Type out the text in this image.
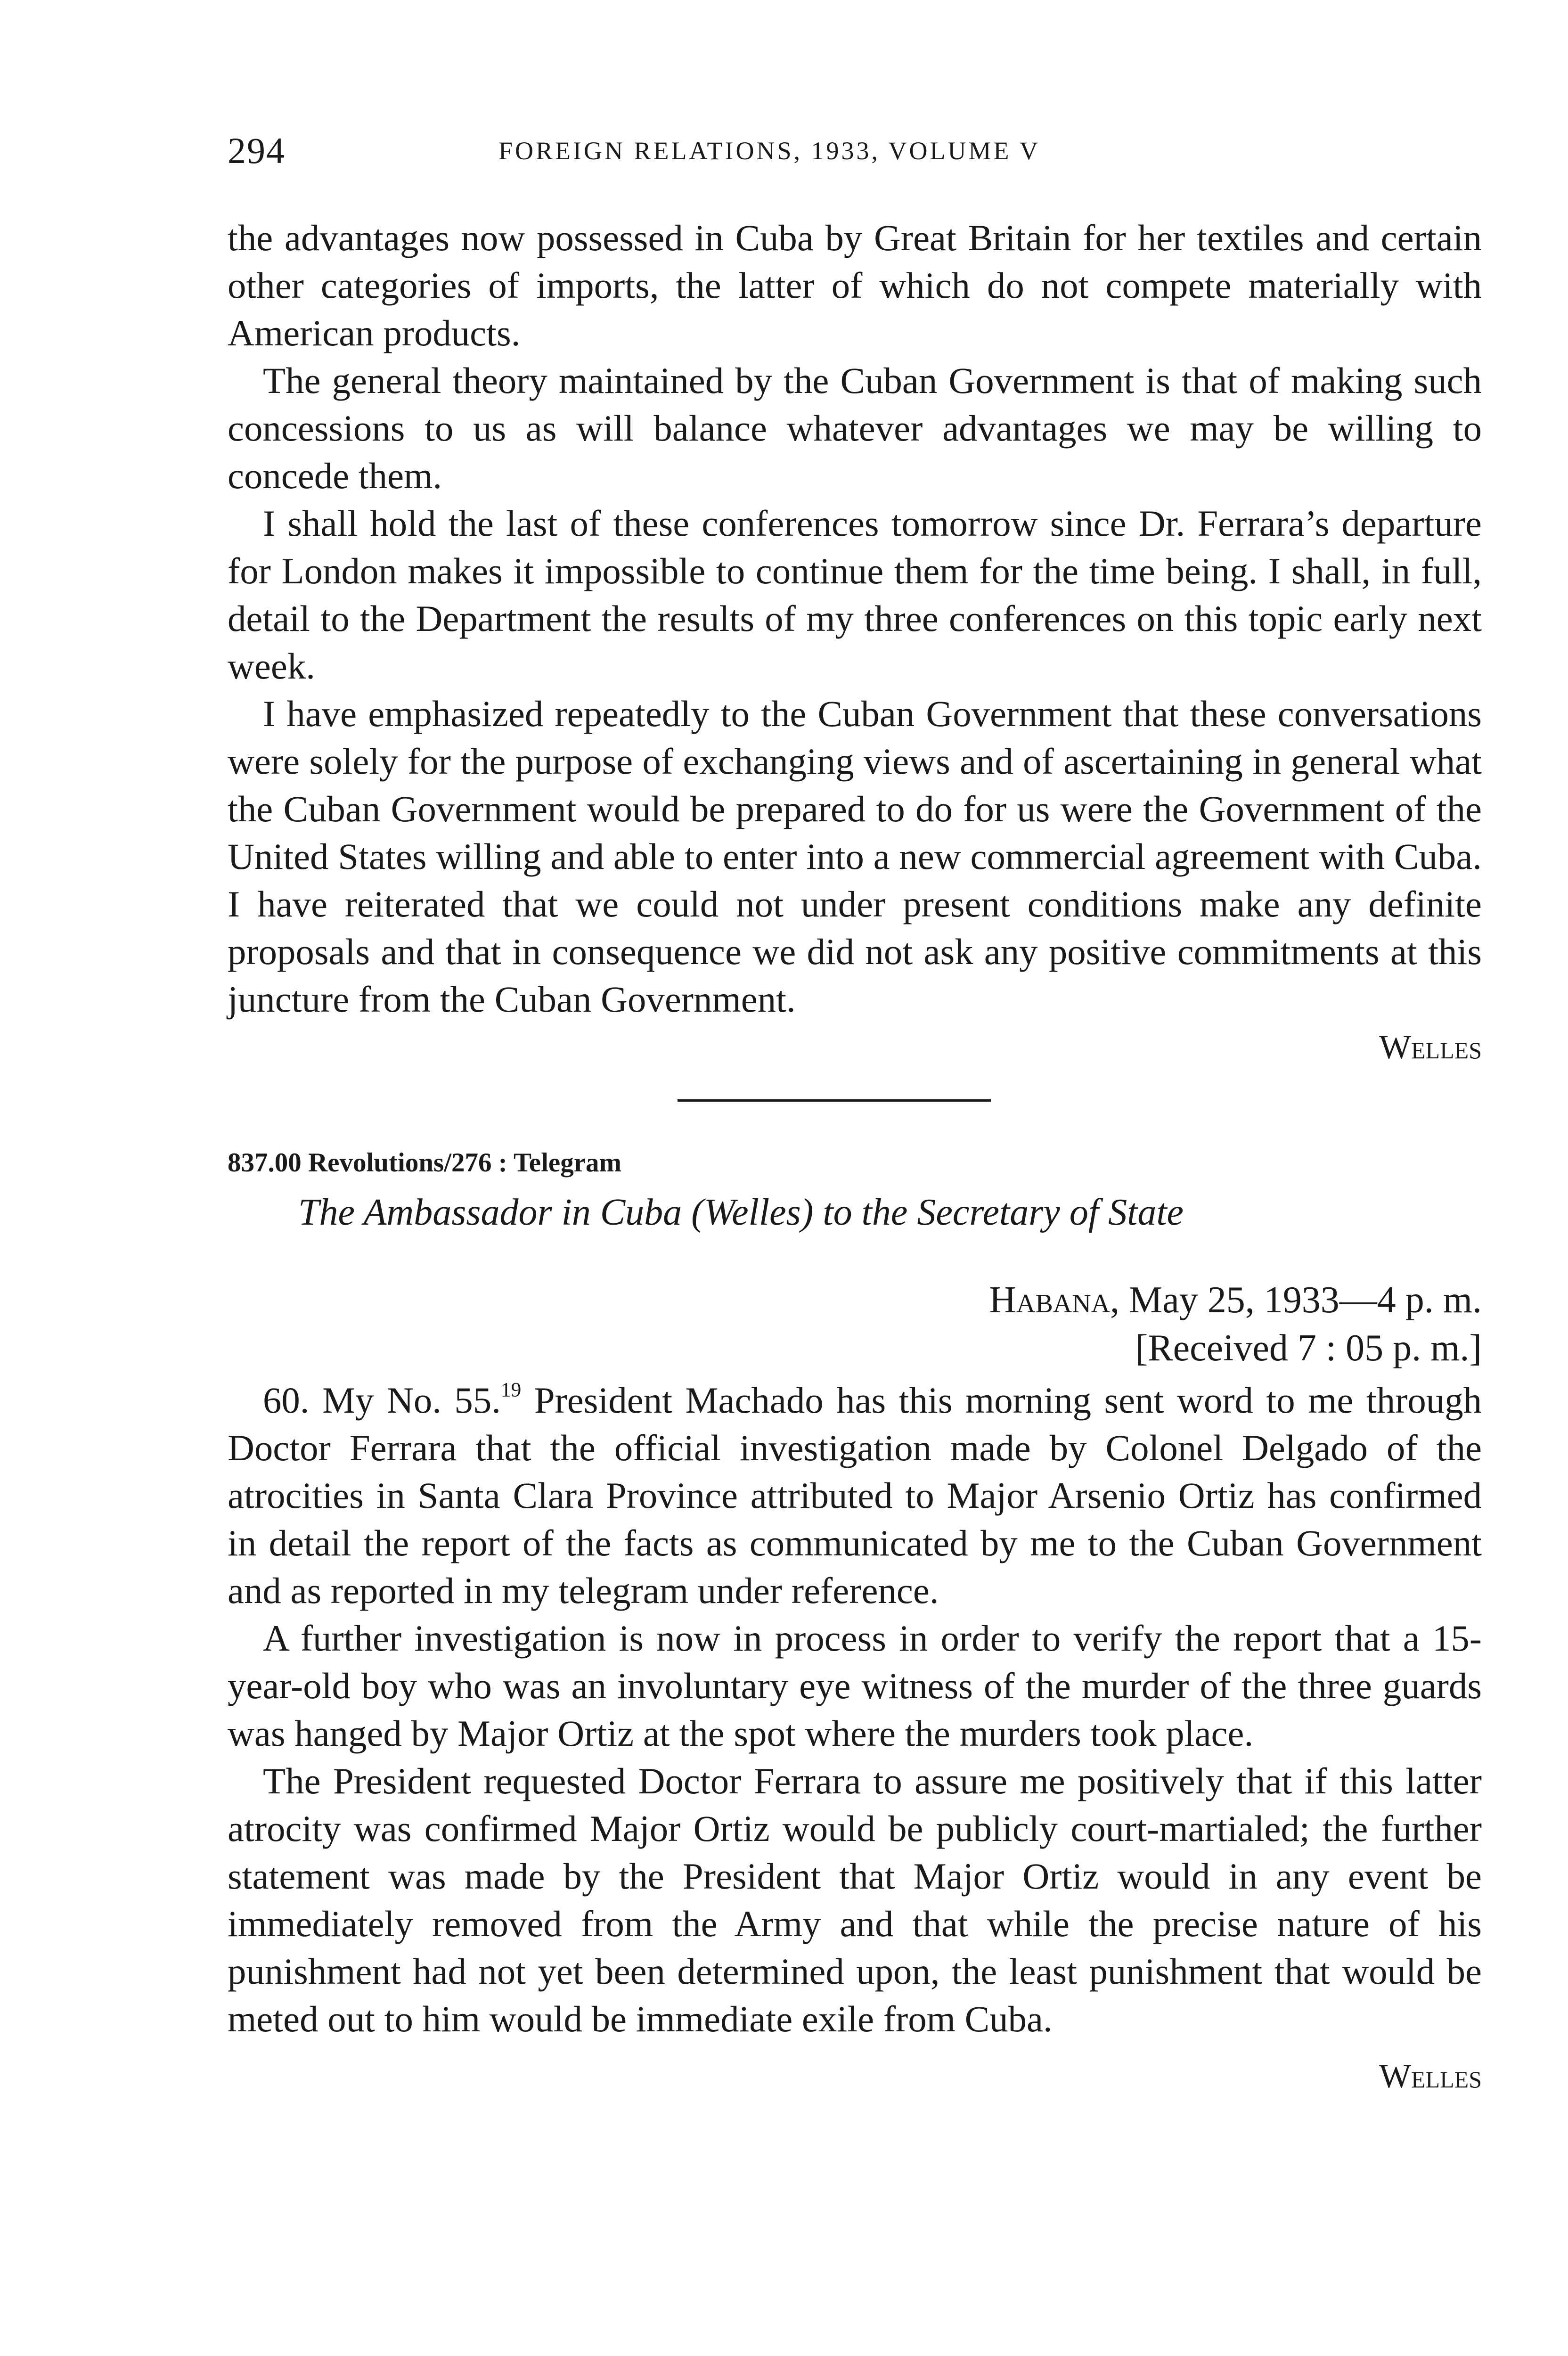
294	FOREIGN RELATIONS, 1933, VOLUME V

the advantages now possessed in Cuba by Great Britain for her textiles and certain other categories of imports, the latter of which do not compete materially with American products.

The general theory maintained by the Cuban Government is that of making such concessions to us as will balance whatever advantages we may be willing to concede them.

I shall hold the last of these conferences tomorrow since Dr. Ferrara’s departure for London makes it impossible to continue them for the time being. I shall, in full, detail to the Department the results of my three conferences on this topic early next week.

I have emphasized repeatedly to the Cuban Government that these conversations were solely for the purpose of exchanging views and of ascertaining in general what the Cuban Government would be prepared to do for us were the Government of the United States willing and able to enter into a new commercial agreement with Cuba. I have reiterated that we could not under present conditions make any definite proposals and that in consequence we did not ask any positive commitments at this juncture from the Cuban Government.

Welles

837.00 Revolutions/276 : Telegram

The Ambassador in Cuba (Welles) to the Secretary of State

Habana, May 25, 1933—4 p. m.
[Received 7 : 05 p. m.]

60. My No. 55.19 President Machado has this morning sent word to me through Doctor Ferrara that the official investigation made by Colonel Delgado of the atrocities in Santa Clara Province attributed to Major Arsenio Ortiz has confirmed in detail the report of the facts as communicated by me to the Cuban Government and as reported in my telegram under reference.

A further investigation is now in process in order to verify the report that a 15-year-old boy who was an involuntary eye witness of the murder of the three guards was hanged by Major Ortiz at the spot where the murders took place.

The President requested Doctor Ferrara to assure me positively that if this latter atrocity was confirmed Major Ortiz would be publicly court-martialed; the further statement was made by the President that Major Ortiz would in any event be immediately removed from the Army and that while the precise nature of his punishment had not yet been determined upon, the least punishment that would be meted out to him would be immediate exile from Cuba.

Welles
